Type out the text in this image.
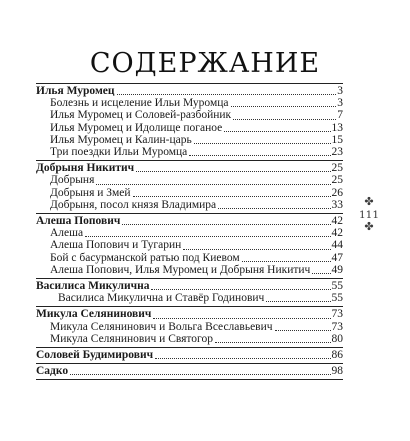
СОДЕРЖАНИЕ
Илья Муромец	3
Болезнь и исцеление Ильи Муромца	3
Илья Муромец и Соловей-разбойник	7
Илья Муромец и Идолище поганое	13
Илья Муромец и Калин-царь	15
Три поездки Ильи Муромца	23
Добрыня Никитич	25
Добрыня	25
Добрыня и Змей	26
Добрыня, посол князя Владимира	33
Алеша Попович	42
Алеша	42
Алеша Попович и Тугарин	44
Бой с басурманской ратью под Киевом	47
Алеша Попович, Илья Муромец и Добрыня Никитич 49
Василиса Микулична	55
Василиса Микулична и Ставёр Годинович	55
Микула Селянинович	73
Микула Селянинович и Вольга Всеславьевич	73
Микула Селянинович и Святогор	80
Соловей Будимирович	86
Садко	98
✤
111
✤
